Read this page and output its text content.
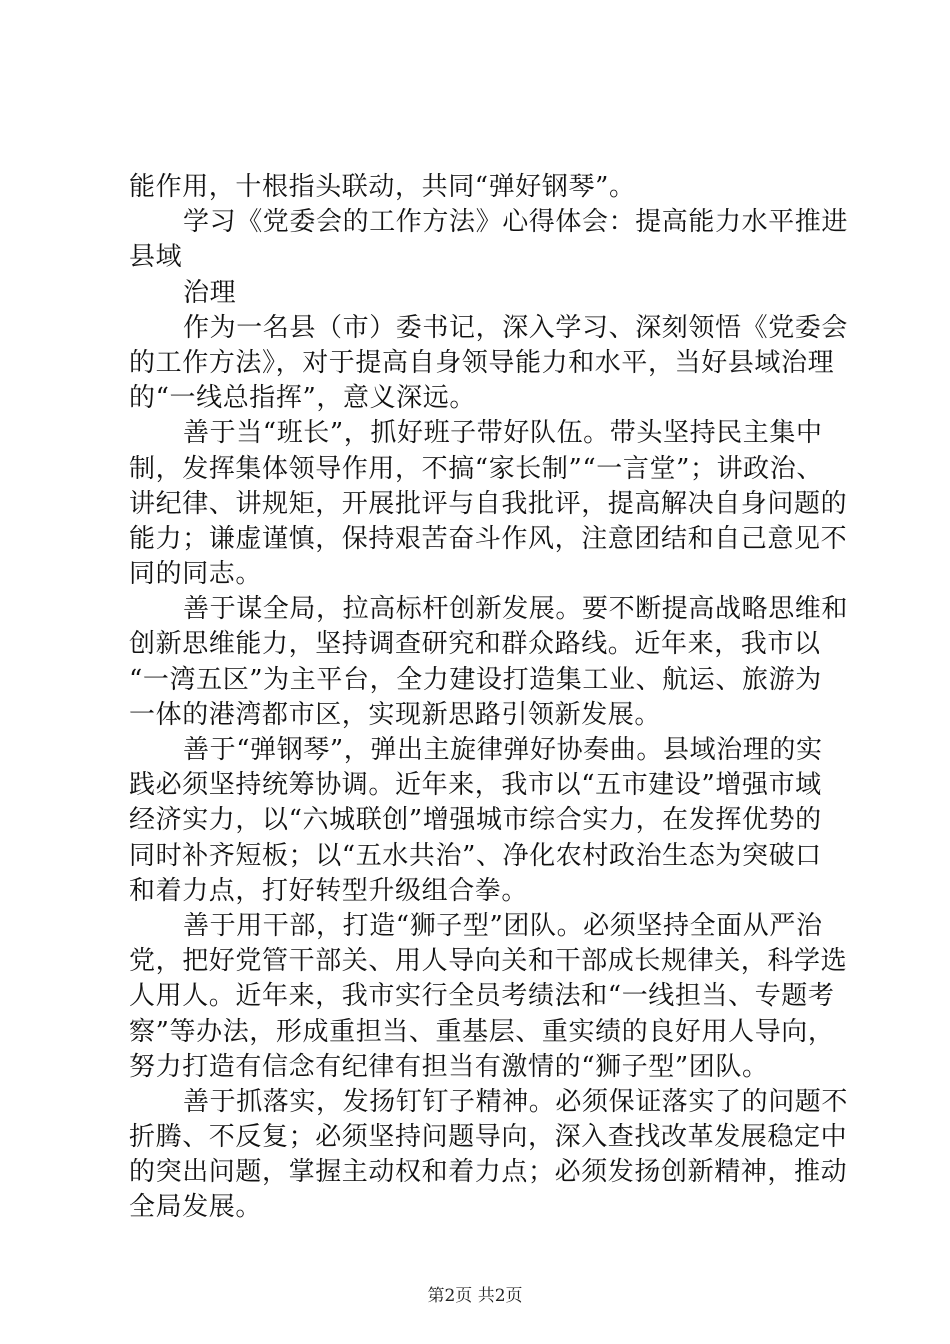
能作用，十根指头联动，共同“弹好钢琴”。
学习《党委会的工作方法》心得体会：提高能力水平推进
县域
治理
作为一名县（市）委书记，深入学习、深刻领悟《党委会
的工作方法》，对于提高自身领导能力和水平，当好县域治理
的“一线总指挥”，意义深远。
善于当“班长”，抓好班子带好队伍。带头坚持民主集中
制，发挥集体领导作用，不搞“家长制”“一言堂”；讲政治、
讲纪律、讲规矩，开展批评与自我批评，提高解决自身问题的
能力；谦虚谨慎，保持艰苦奋斗作风，注意团结和自己意见不
同的同志。
善于谋全局，拉高标杆创新发展。要不断提高战略思维和
创新思维能力，坚持调查研究和群众路线。近年来，我市以
“一湾五区”为主平台，全力建设打造集工业、航运、旅游为
一体的港湾都市区，实现新思路引领新发展。
善于“弹钢琴”，弹出主旋律弹好协奏曲。县域治理的实
践必须坚持统筹协调。近年来，我市以“五市建设”增强市域
经济实力，以“六城联创”增强城市综合实力，在发挥优势的
同时补齐短板；以“五水共治”、净化农村政治生态为突破口
和着力点，打好转型升级组合拳。
善于用干部，打造“狮子型”团队。必须坚持全面从严治
党，把好党管干部关、用人导向关和干部成长规律关，科学选
人用人。近年来，我市实行全员考绩法和“一线担当、专题考
察”等办法，形成重担当、重基层、重实绩的良好用人导向，
努力打造有信念有纪律有担当有激情的“狮子型”团队。
善于抓落实，发扬钉钉子精神。必须保证落实了的问题不
折腾、不反复；必须坚持问题导向，深入查找改革发展稳定中
的突出问题，掌握主动权和着力点；必须发扬创新精神，推动
全局发展。
第2页 共2页
